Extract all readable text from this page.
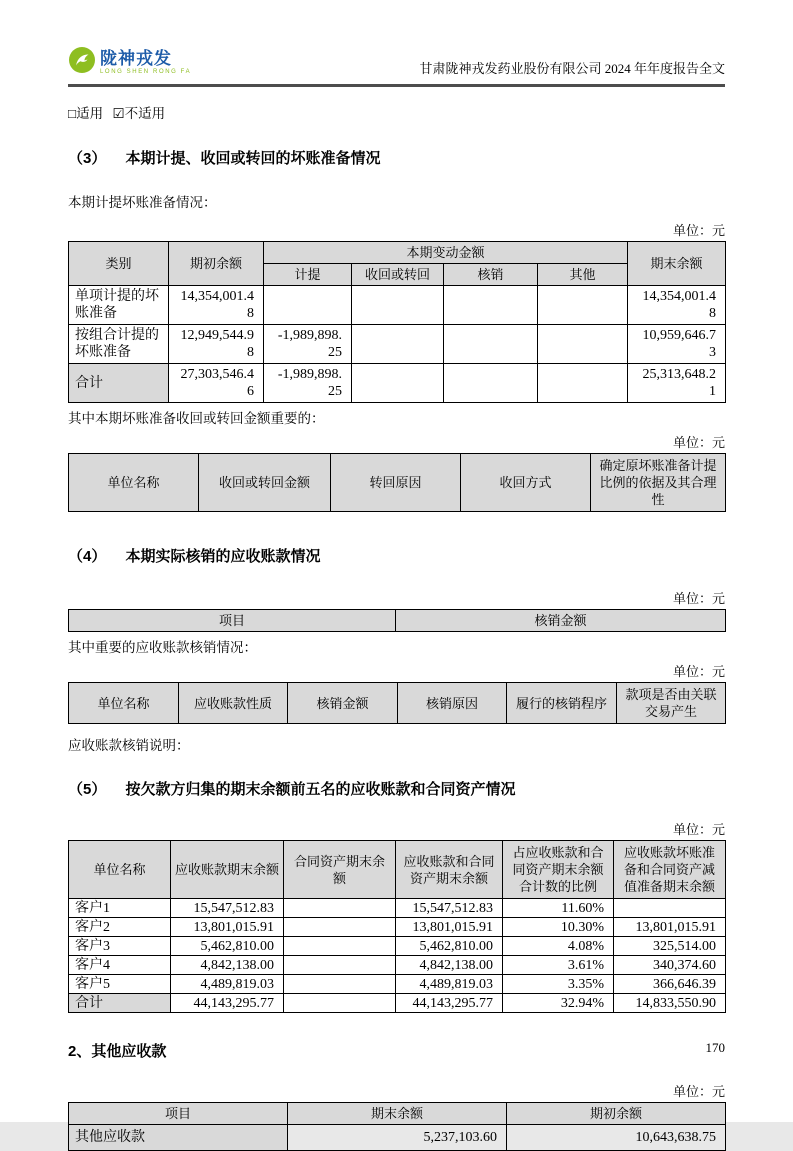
陇神戎发
LONG SHEN RONG FA	甘肃陇神戎发药业股份有限公司 2024 年年度报告全文
□适用 ☑不适用
（3） 本期计提、收回或转回的坏账准备情况
本期计提坏账准备情况：
单位：元
类别	期初余额	本期变动金额				期末余额
		计提	收回或转回	核销	其他	
单项计提的坏账准备	14,354,001.48					14,354,001.48
按组合计提的坏账准备	12,949,544.98	-1,989,898.25				10,959,646.73
合计	27,303,546.46	-1,989,898.25				25,313,648.21
其中本期坏账准备收回或转回金额重要的：
单位：元
单位名称	收回或转回金额	转回原因	收回方式	确定原坏账准备计提比例的依据及其合理性
（4） 本期实际核销的应收账款情况
单位：元
项目	核销金额
其中重要的应收账款核销情况：
单位：元
单位名称	应收账款性质	核销金额	核销原因	履行的核销程序	款项是否由关联交易产生
应收账款核销说明：
（5） 按欠款方归集的期末余额前五名的应收账款和合同资产情况
单位：元
单位名称	应收账款期末余额	合同资产期末余额	应收账款和合同资产期末余额	占应收账款和合同资产期末余额合计数的比例	应收账款坏账准备和合同资产减值准备期末余额
客户1	15,547,512.83		15,547,512.83	11.60%	
客户2	13,801,015.91		13,801,015.91	10.30%	13,801,015.91
客户3	5,462,810.00		5,462,810.00	4.08%	325,514.00
客户4	4,842,138.00		4,842,138.00	3.61%	340,374.60
客户5	4,489,819.03		4,489,819.03	3.35%	366,646.39
合计	44,143,295.77		44,143,295.77	32.94%	14,833,550.90
2、其他应收款
单位：元
项目	期末余额	期初余额
其他应收款	5,237,103.60	10,643,638.75
170
